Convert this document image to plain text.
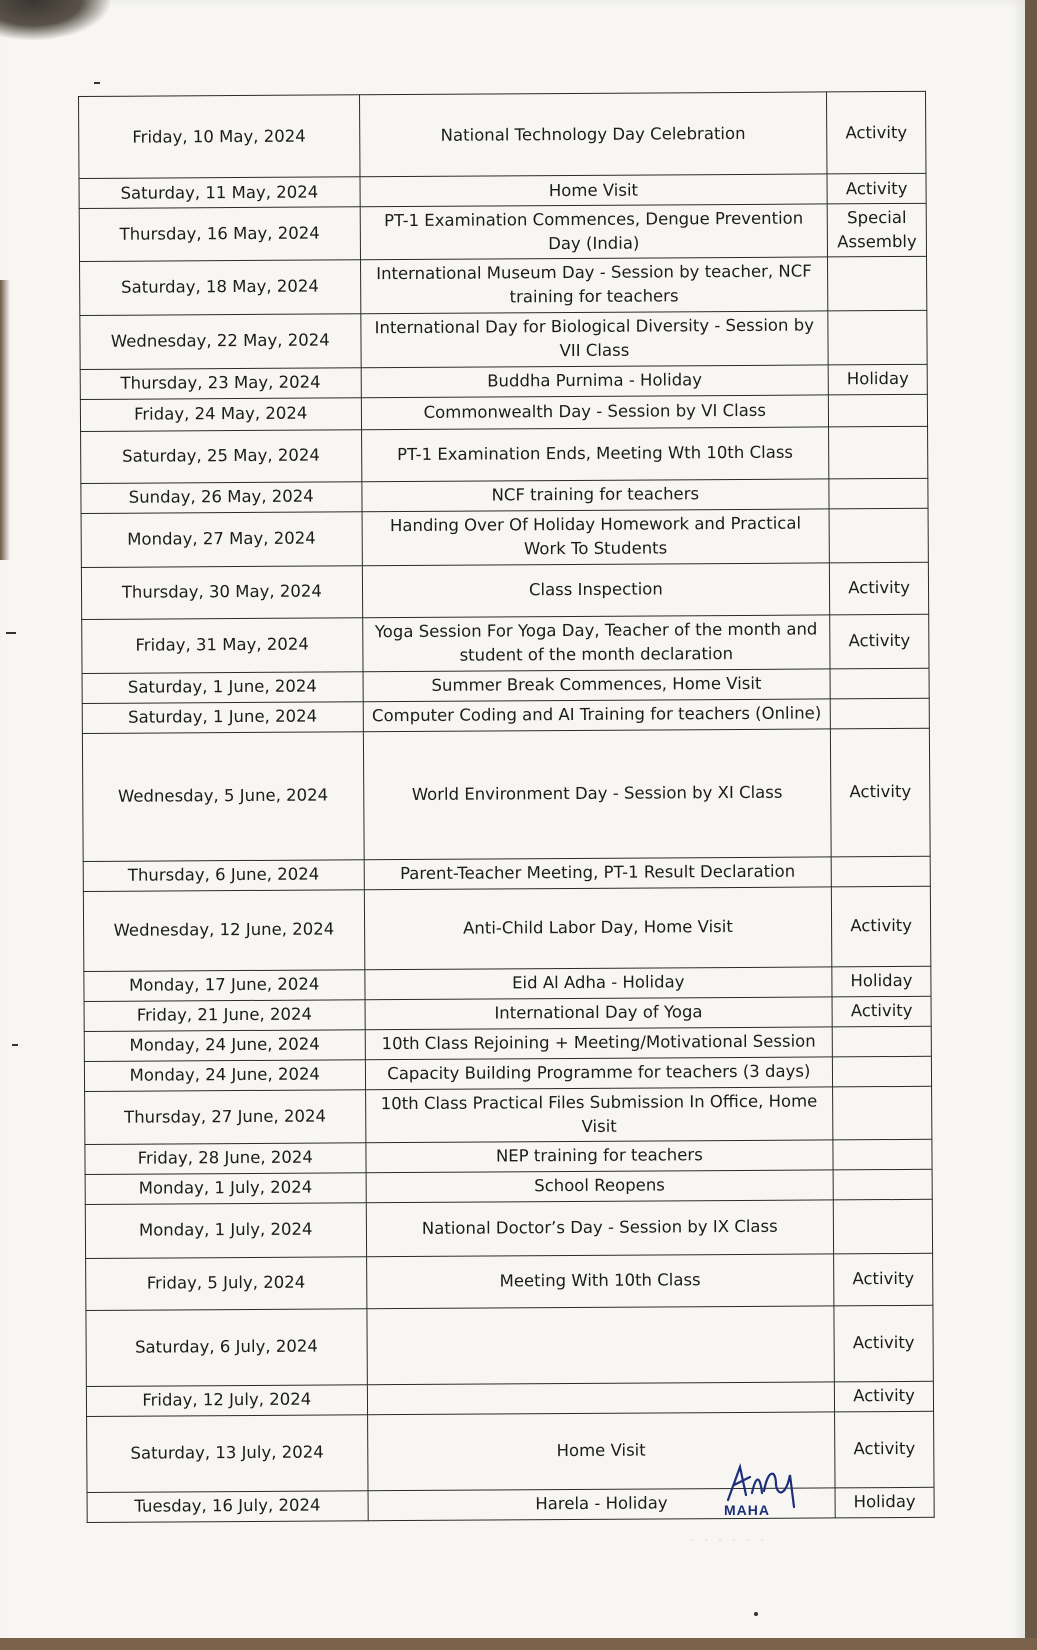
Friday, 10 May, 2024	National Technology Day Celebration	Activity
Saturday, 11 May, 2024	Home Visit	Activity
Thursday, 16 May, 2024	PT-1 Examination Commences, Dengue Prevention Day (India)	Special Assembly
Saturday, 18 May, 2024	International Museum Day - Session by teacher, NCF training for teachers	
Wednesday, 22 May, 2024	International Day for Biological Diversity - Session by VII Class	
Thursday, 23 May, 2024	Buddha Purnima - Holiday	Holiday
Friday, 24 May, 2024	Commonwealth Day - Session by VI Class	
Saturday, 25 May, 2024	PT-1 Examination Ends, Meeting Wth 10th Class	
Sunday, 26 May, 2024	NCF training for teachers	
Monday, 27 May, 2024	Handing Over Of Holiday Homework and Practical Work To Students	
Thursday, 30 May, 2024	Class Inspection	Activity
Friday, 31 May, 2024	Yoga Session For Yoga Day, Teacher of the month and student of the month declaration	Activity
Saturday, 1 June, 2024	Summer Break Commences, Home Visit	
Saturday, 1 June, 2024	Computer Coding and AI Training for teachers (Online)	
Wednesday, 5 June, 2024	World Environment Day - Session by XI Class	Activity
Thursday, 6 June, 2024	Parent-Teacher Meeting, PT-1 Result Declaration	
Wednesday, 12 June, 2024	Anti-Child Labor Day, Home Visit	Activity
Monday, 17 June, 2024	Eid Al Adha - Holiday	Holiday
Friday, 21 June, 2024	International Day of Yoga	Activity
Monday, 24 June, 2024	10th Class Rejoining + Meeting/Motivational Session	
Monday, 24 June, 2024	Capacity Building Programme for teachers (3 days)	
Thursday, 27 June, 2024	10th Class Practical Files Submission In Office, Home Visit	
Friday, 28 June, 2024	NEP training for teachers	
Monday, 1 July, 2024	School Reopens	
Monday, 1 July, 2024	National Doctor’s Day - Session by IX Class	
Friday, 5 July, 2024	Meeting With 10th Class	Activity
Saturday, 6 July, 2024		Activity
Friday, 12 July, 2024		Activity
Saturday, 13 July, 2024	Home Visit	Activity
Tuesday, 16 July, 2024	Harela - Holiday	Holiday
MAHA
· · · · · ·
